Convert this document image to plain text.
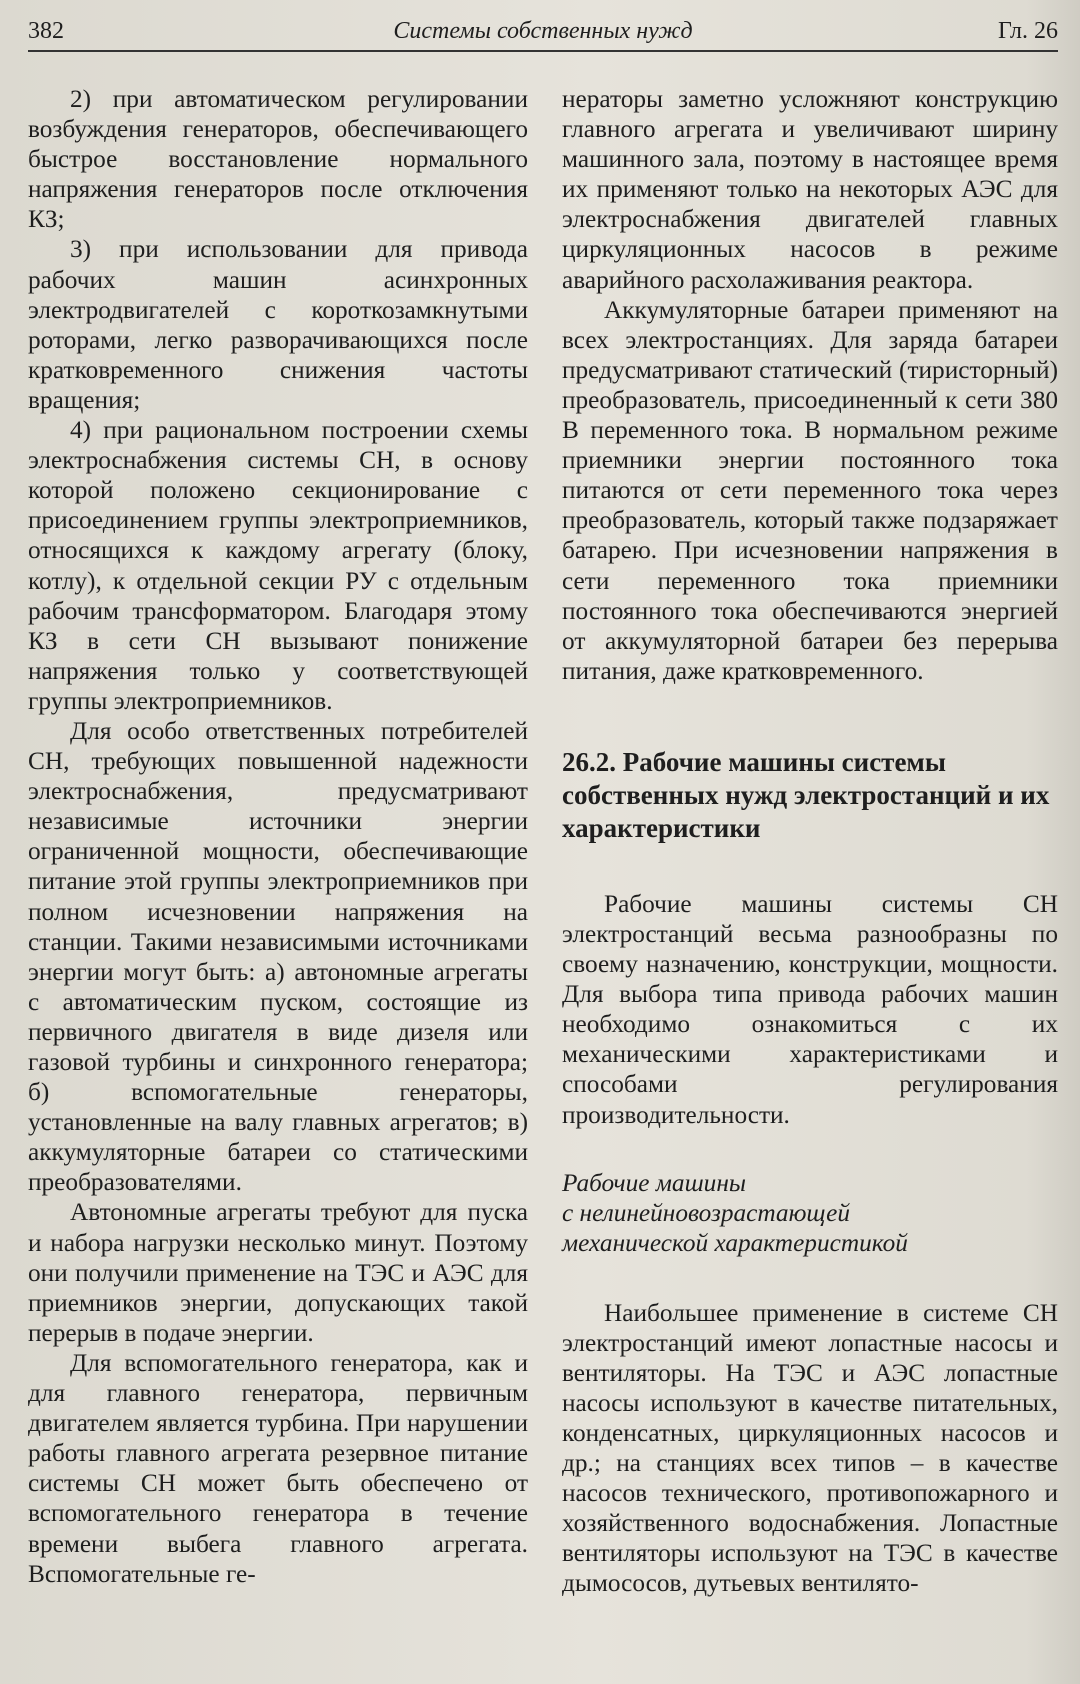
382	Системы собственных нужд	Гл. 26

2) при автоматическом регулировании возбуждения генераторов, обеспечивающего быстрое восстановление нормального напряжения генераторов после отключения КЗ;

3) при использовании для привода рабочих машин асинхронных электродвигателей с короткозамкнутыми роторами, легко разворачивающихся после кратковременного снижения частоты вращения;

4) при рациональном построении схемы электроснабжения системы СН, в основу которой положено секционирование с присоединением группы электроприемников, относящихся к каждому агрегату (блоку, котлу), к отдельной секции РУ с отдельным рабочим трансформатором. Благодаря этому КЗ в сети СН вызывают понижение напряжения только у соответствующей группы электроприемников.

Для особо ответственных потребителей СН, требующих повышенной надежности электроснабжения, предусматривают независимые источники энергии ограниченной мощности, обеспечивающие питание этой группы электроприемников при полном исчезновении напряжения на станции. Такими независимыми источниками энергии могут быть: а) автономные агрегаты с автоматическим пуском, состоящие из первичного двигателя в виде дизеля или газовой турбины и синхронного генератора; б) вспомогательные генераторы, установленные на валу главных агрегатов; в) аккумуляторные батареи со статическими преобразователями.

Автономные агрегаты требуют для пуска и набора нагрузки несколько минут. Поэтому они получили применение на ТЭС и АЭС для приемников энергии, допускающих такой перерыв в подаче энергии.

Для вспомогательного генератора, как и для главного генератора, первичным двигателем является турбина. При нарушении работы главного агрегата резервное питание системы СН может быть обеспечено от вспомогательного генератора в течение времени выбега главного агрегата. Вспомогательные ге-

нераторы заметно усложняют конструкцию главного агрегата и увеличивают ширину машинного зала, поэтому в настоящее время их применяют только на некоторых АЭС для электроснабжения двигателей главных циркуляционных насосов в режиме аварийного расхолаживания реактора.

Аккумуляторные батареи применяют на всех электростанциях. Для заряда батареи предусматривают статический (тиристорный) преобразователь, присоединенный к сети 380 В переменного тока. В нормальном режиме приемники энергии постоянного тока питаются от сети переменного тока через преобразователь, который также подзаряжает батарею. При исчезновении напряжения в сети переменного тока приемники постоянного тока обеспечиваются энергией от аккумуляторной батареи без перерыва питания, даже кратковременного.

26.2. Рабочие машины системы собственных нужд электростанций и их характеристики

Рабочие машины системы СН электростанций весьма разнообразны по своему назначению, конструкции, мощности. Для выбора типа привода рабочих машин необходимо ознакомиться с их механическими характеристиками и способами регулирования производительности.

Рабочие машины
с нелинейновозрастающей
механической характеристикой

Наибольшее применение в системе СН электростанций имеют лопастные насосы и вентиляторы. На ТЭС и АЭС лопастные насосы используют в качестве питательных, конденсатных, циркуляционных насосов и др.; на станциях всех типов – в качестве насосов технического, противопожарного и хозяйственного водоснабжения. Лопастные вентиляторы используют на ТЭС в качестве дымососов, дутьевых вентилято-
